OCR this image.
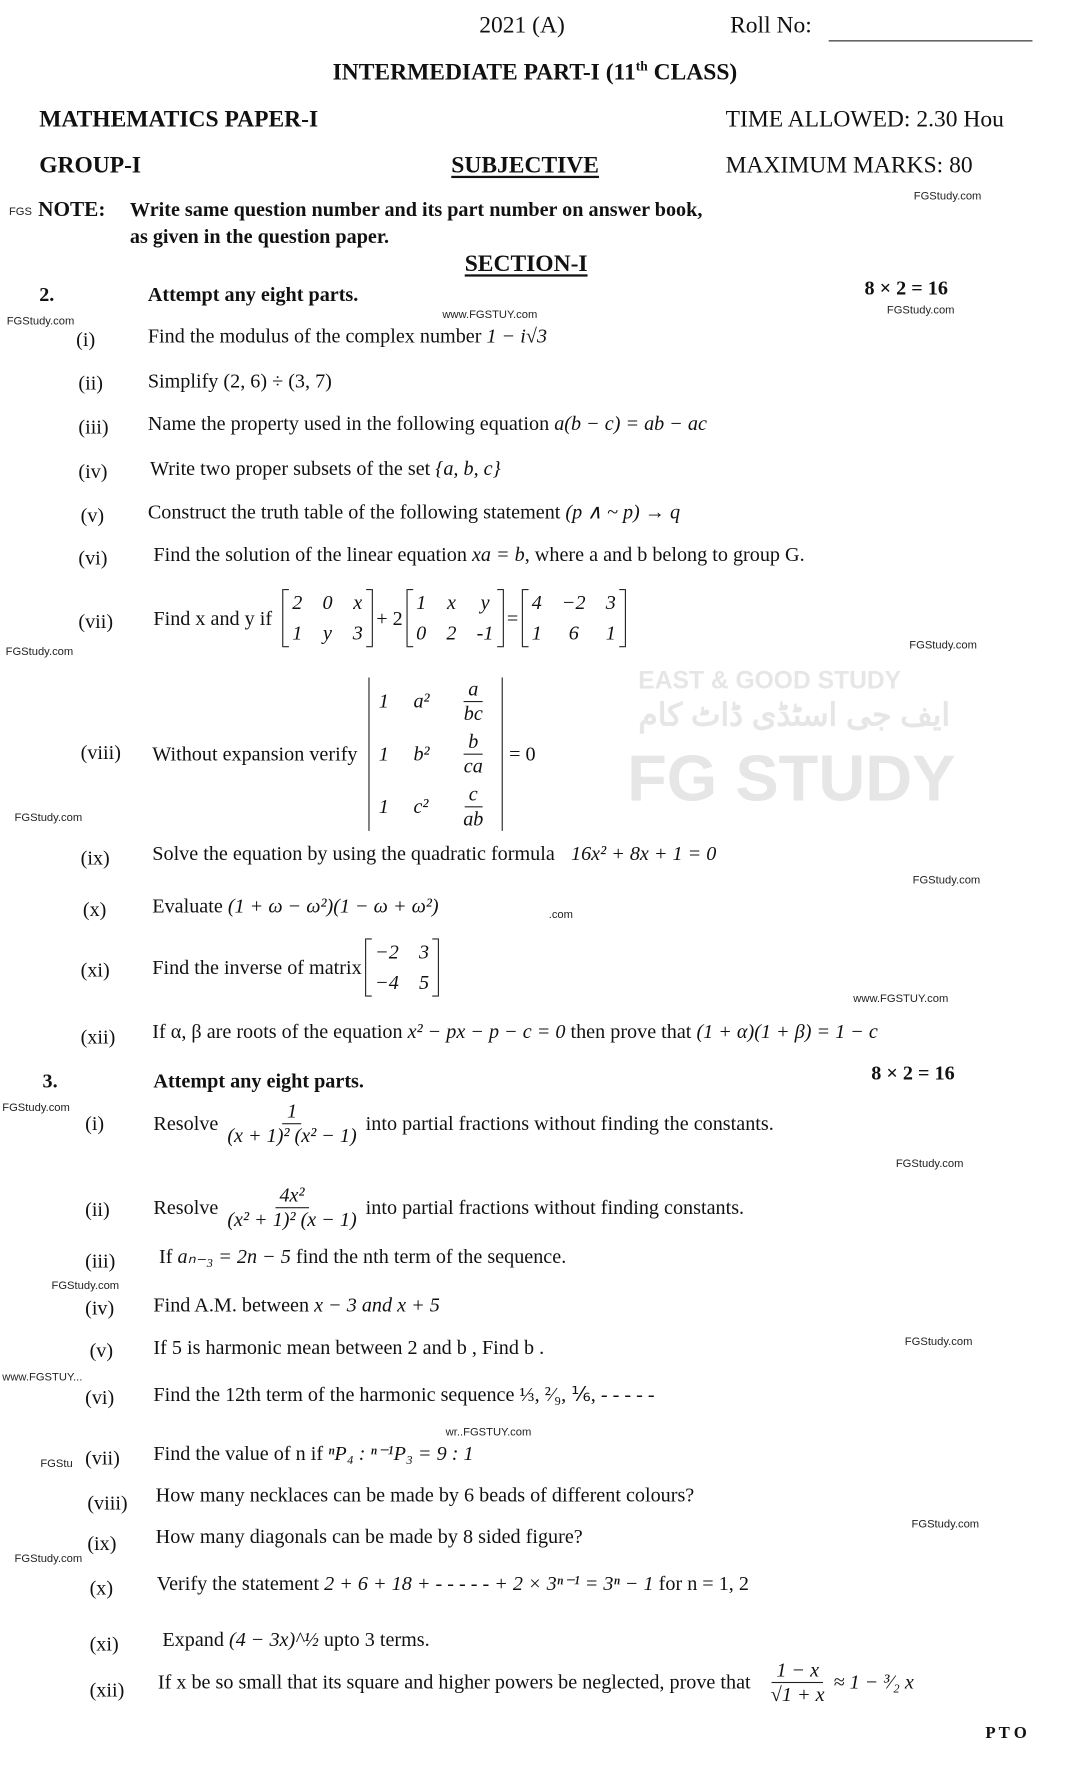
EAST & GOOD STUDY
ایف جی اسٹڈی ڈاٹ کام
FG STUDY
2021 (A)	Roll No:
INTERMEDIATE PART-I (11th CLASS)
MATHEMATICS PAPER-I	TIME ALLOWED: 2.30 Hou
GROUP-I	SUBJECTIVE	MAXIMUM MARKS: 80
NOTE: Write same question number and its part number on answer book,
as given in the question paper.
SECTION-I
FGStudy.com
FGS
FGStudy.com
www.FGSTUY.com
FGStudy.com
FGStudy.com
FGStudy.com
FGStudy.com
FGStudy.com
www.FGSTUY.com
FGStudy.com
FGStudy.com
FGStudy.com
FGStudy.com
www.FGSTUY...
wr..FGSTUY.com
FGStu
FGStudy.com
FGStudy.com
.com
2.	Attempt any eight parts.	8 × 2 = 16
(i)	Find the modulus of the complex number 1 − i√3
(ii) Simplify (2, 6) ÷ (3, 7)
(iii) Name the property used in the following equation a(b − c) = ab − ac
(iv) Write two proper subsets of the set {a, b, c}
(v) Construct the truth table of the following statement (p ∧ ~ p) → q
(vi)	Find the solution of the linear equation xa = b, where a and b belong to group G.
(vii) Find x and y if
2 0 x
1 y 3
+ 2
1 x y
0 2 -1
=
4 −2 3
1	6	1
(viii) Without expansion verify
1 $a^2 \frac{a}{bc}$
1 $b^2 \frac{b}{ca}$
1 $c^2 \frac{c}{ab}$
= 0
(ix) Solve the equation by using the quadratic formula 16x² + 8x + 1 = 0
(x)	Evaluate (1 + ω − ω²)(1 − ω + ω²)
(xi) Find the inverse of matrix
−2 3
−4 5
(xii) If α, β are roots of the equation x² − px − p − c = 0 then prove that (1 + α)(1 + β) = 1 − c
3.	Attempt any eight parts.	8 × 2 = 16
(i)	Resolve $\frac{1}{\text{(x + 1)² (x² − 1)}}$ into partial fractions without finding the constants.
(ii) Resolve $\frac{\text{4x²}}{\text{(x² + 1)² (x − 1)}}$ into partial fractions without finding constants.
(iii) If aₙ₋₃ = 2n − 5 find the nth term of the sequence.
(iv) Find A.M. between x − 3 and x + 5
(v) If 5 is harmonic mean between 2 and b , Find b .
(vi) Find the 12th term of the harmonic sequence ⅓, ²⁄₉, ⅙, - - - - -
(vii) Find the value of n if ⁿP₄ : ⁿ⁻¹P₃ = 9 : 1
(viii) How many necklaces can be made by 6 beads of different colours?
(ix) How many diagonals can be made by 8 sided figure?
(x) Verify the statement 2 + 6 + 18 + - - - - - + 2 × 3ⁿ⁻¹ = 3ⁿ − 1 for n = 1, 2
(xi) Expand (4 − 3x)^½ upto 3 terms.
(xii) If x be so small that its square and higher powers be neglected, prove that $\frac{1 - x}{√1 + x} \approx 1$ − ³⁄₂ x
P T O
